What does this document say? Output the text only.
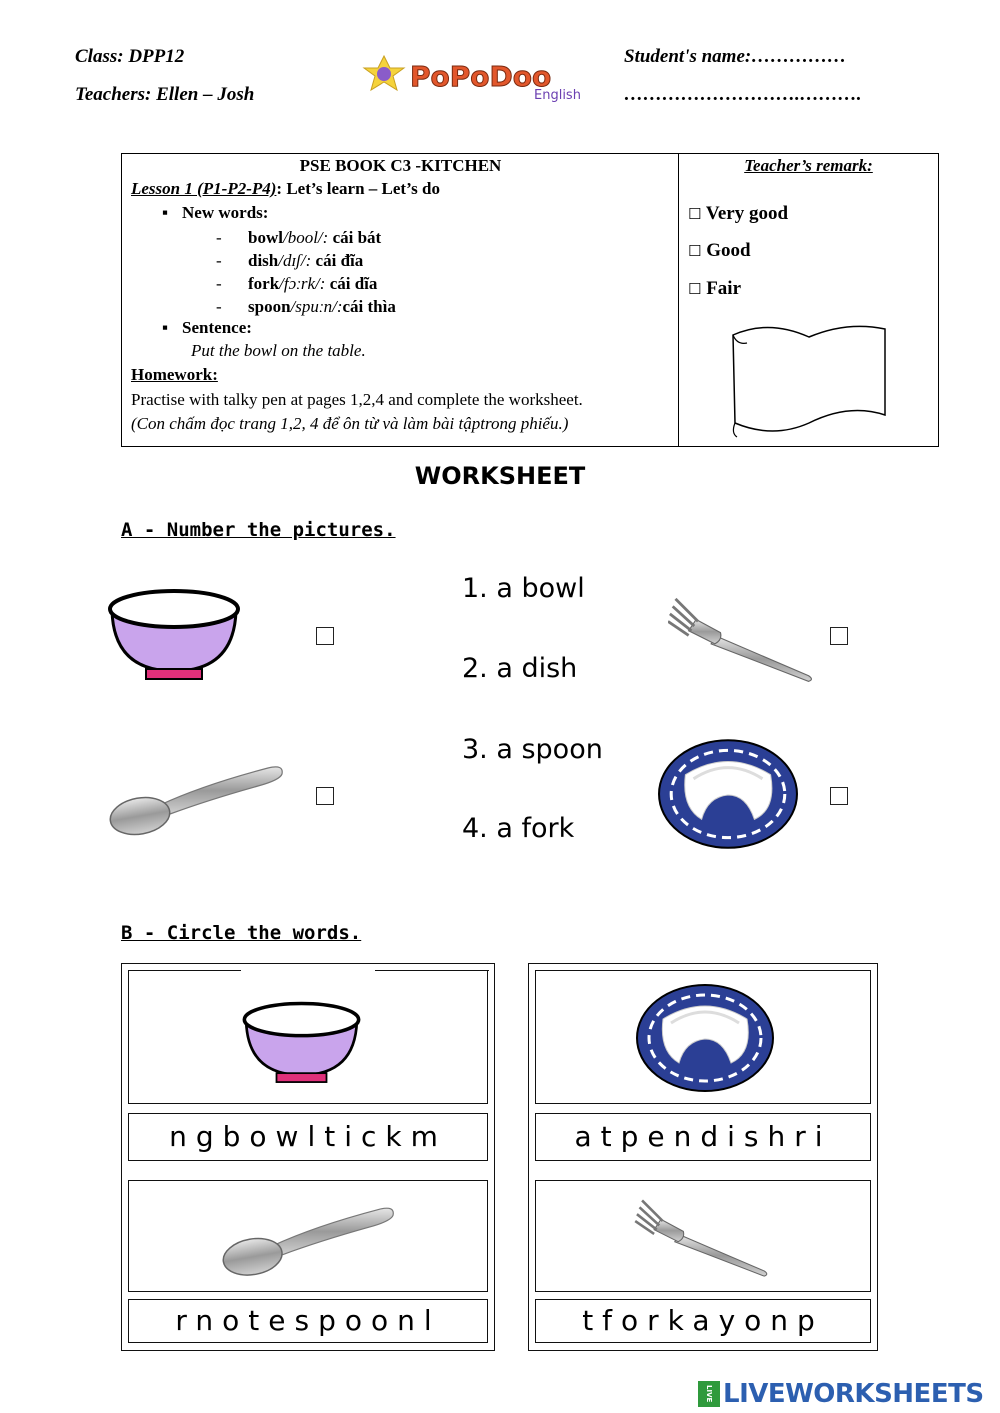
Class: DPP12
Teachers: Ellen – Josh
PoPoDoo
English
Student's name:……………
……………………….……….
PSE BOOK C3 -KITCHEN
Lesson 1 (P1-P2-P4): Let’s learn – Let’s do
▪ New words:
- bowl/bool/: cái bát
- dish/dɪʃ/: cái đĩa
- fork/fɔːrk/: cái dĩa
- spoon/spuːn/:cái thìa
▪ Sentence:
Put the bowl on the table.
Homework:
Practise with talky pen at pages 1,2,4 and complete the worksheet.
(Con chấm đọc trang 1,2, 4 để ôn từ và làm bài tậptrong phiếu.)
Teacher’s remark:
☐ Very good
☐ Good
☐ Fair
WORKSHEET
A - Number the pictures.
1. a bowl
2. a dish
3. a spoon
4. a fork
B - Circle the words.
ngbowltickm
rnotespoonl
atpendishri
tforkayonp
LIVE LIVEWORKSHEETS
